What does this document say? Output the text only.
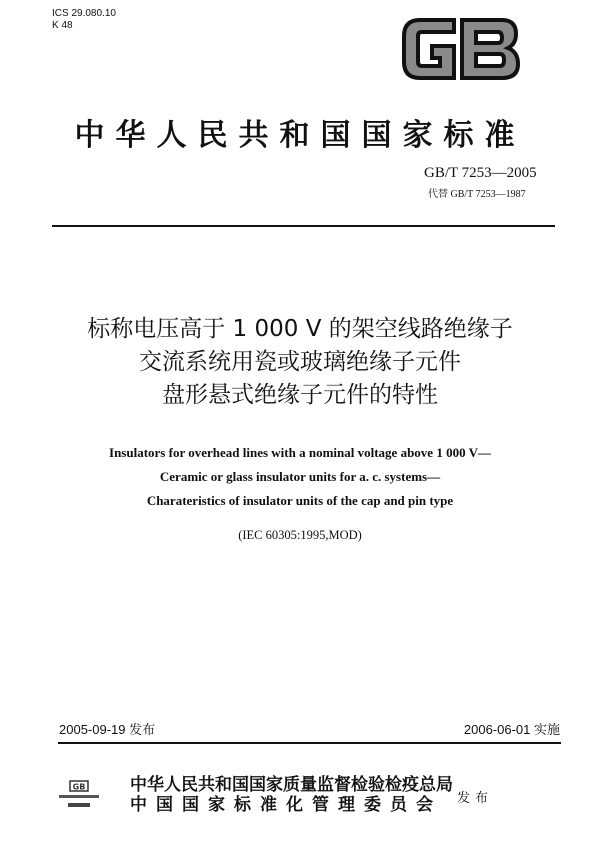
ICS 29.080.10
K 48
中华人民共和国国家标准
GB/T 7253—2005
代替 GB/T 7253—1987
标称电压高于 1 000 V 的架空线路绝缘子
交流系统用瓷或玻璃绝缘子元件
盘形悬式绝缘子元件的特性
Insulators for overhead lines with a nominal voltage above 1 000 V—
Ceramic or glass insulator units for a. c. systems—
Charateristics of insulator units of the cap and pin type
(IEC 60305:1995,MOD)
2005-09-19 发布	2006-06-01 实施
GB	中华人民共和国国家质量监督检验检疫总局
中国国家标准化管理委员会	发布
